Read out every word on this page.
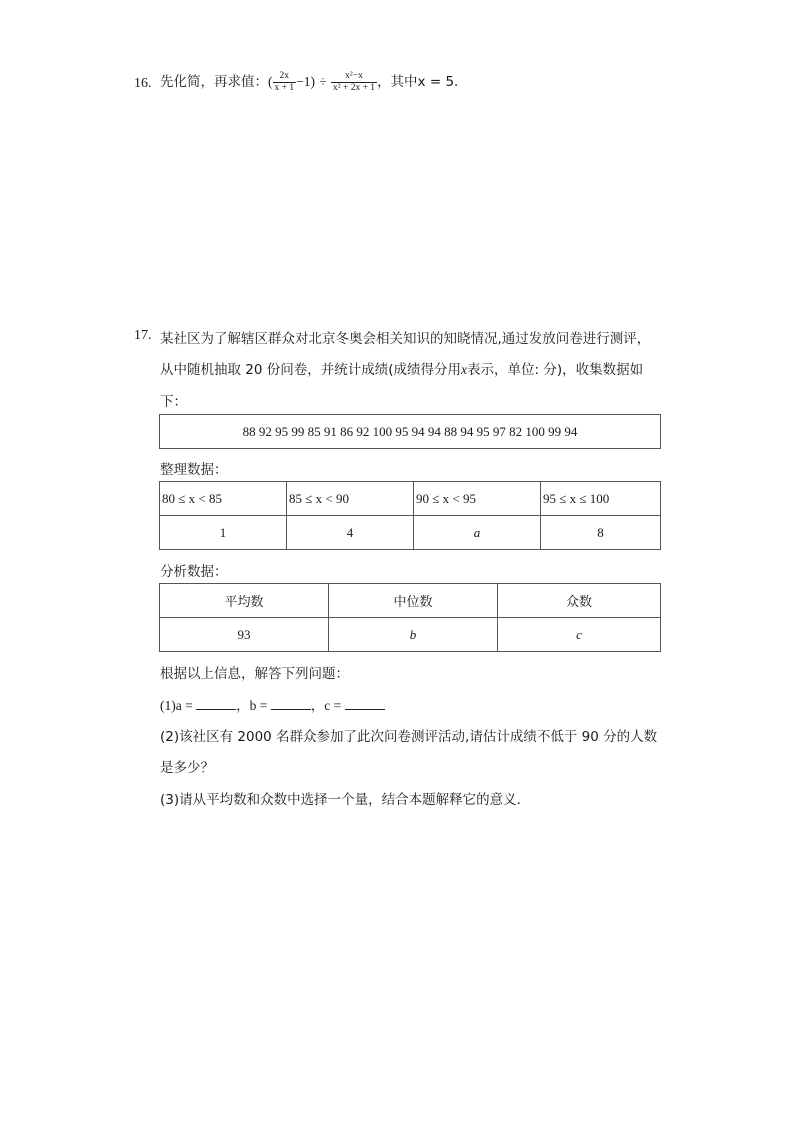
16. 先化简，再求值：( $\frac{2x}{x + 1} -1) \div \frac{\text{x²−x}}{\text{x² + 2x + 1}}$ ，其中x = 5.
17. 某社区为了解辖区群众对北京冬奥会相关知识的知晓情况,通过发放问卷进行测评，
从中随机抽取 20 份问卷，并统计成绩(成绩得分用x表示，单位: 分)，收集数据如
下：
88 92 95 99 85 91 86 92 100 95 94 94 88 94 95 97 82 100 99 94
整理数据：
80 ≤ x < 85	85 ≤ x < 90	90 ≤ x < 95	95 ≤ x ≤ 100
1	4	a	8
分析数据：
平均数	中位数	众数
93	b	c
根据以上信息，解答下列问题：
(1)a =	，b =	，c =
(2)该社区有 2000 名群众参加了此次问卷测评活动,请估计成绩不低于 90 分的人数
是多少？
(3)请从平均数和众数中选择一个量，结合本题解释它的意义．
